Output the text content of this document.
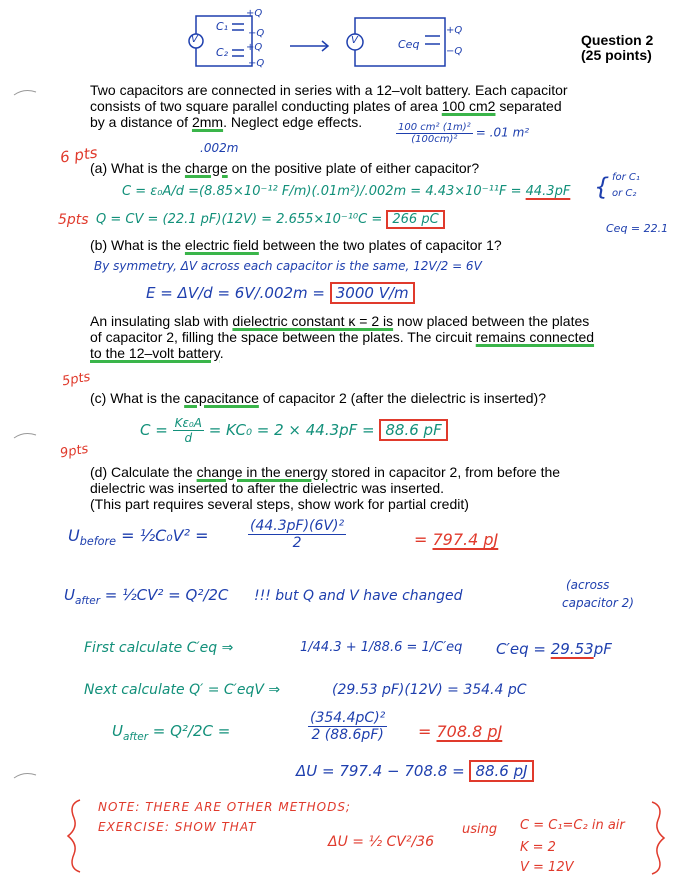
V
C₁
C₂
+Q
−Q
+Q
−Q
V	Ceq
+Q
−Q
Question 2
(25 points)
Two capacitors are connected in series with a 12–volt battery. Each capacitor
consists of two square parallel conducting plates of area 100 cm2 separated
by a distance of 2mm. Neglect edge effects.	$\frac{\text{100 cm² (1m)²}}{\text{(100cm)²}} = .01$ m²
.002m
6 pts
(a) What is the charge on the positive plate of either capacitor?
C = ε₀A/d =(8.85×10⁻¹² F/m)(.01m²)/.002m = 4.43×10⁻¹¹F = 44.3pF { for C₁
or C₂
Ceq = 22.1
5pts Q = CV = (22.1 pF)(12V) = 2.655×10⁻¹⁰C = 266 pC
(b) What is the electric field between the two plates of capacitor 1?
By symmetry, ΔV across each capacitor is the same, 12V/2 = 6V
E = ΔV/d = 6V/.002m = 3000 V/m
An insulating slab with dielectric constant κ = 2 is now placed between the plates
of capacitor 2, filling the space between the plates. The circuit remains connected
to the 12–volt battery.
5pts
(c) What is the capacitance of capacitor 2 (after the dielectric is inserted)?
$C = \frac{\text{Kε₀A}}{d} = KC_0 = 2 \times 44.3pF = 88.6$ pF
9pts
(d) Calculate the change in the energy stored in capacitor 2, from before the
dielectric was inserted to after the dielectric was inserted.
(This part requires several steps, show work for partial credit)
$U_{before}$ = ½C₀V² =	$\frac{\text{(44.3pF)(6V)²}}{2}$	= 797.4 pJ
$U_{after}$ = ½CV² = Q²/2C !!! but Q and V have changed
(across
capacitor 2)
First calculate C′eq ⇒	1/44.3 + 1/88.6 = 1/C′eq C′eq = 29.53pF
Next calculate Q′ = C′eqV ⇒	(29.53 pF)(12V) = 354.4 pC
$U_{after} = Q^2/2C$ =	$\frac{\text{(354.4pC)²}}{2 (88.6pF)} = 708.8$ pJ
ΔU = 797.4 − 708.8 = 88.6 pJ
NOTE: THERE ARE OTHER METHODS;
EXERCISE: SHOW THAT
ΔU = ½ CV²/36
using C = C₁=C₂ in air
K = 2
V = 12V
